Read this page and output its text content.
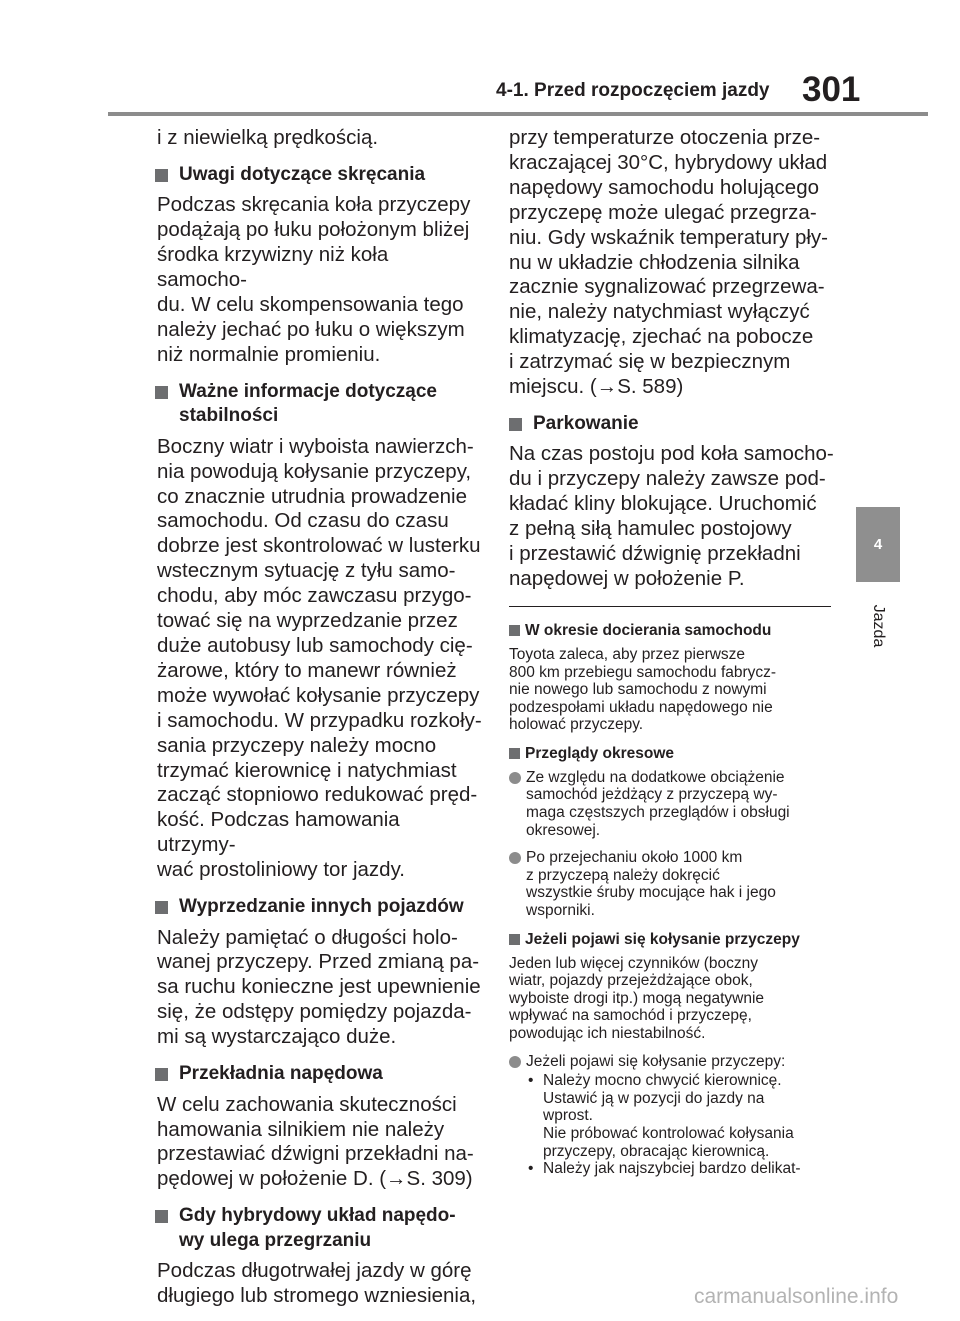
4-1. Przed rozpoczęciem jazdy 301
4
Jazda

i z niewielką prędkością.

Uwagi dotyczące skręcania

Podczas skręcania koła przyczepy
podążają po łuku położonym bliżej
środka krzywizny niż koła samocho-
du. W celu skompensowania tego
należy jechać po łuku o większym
niż normalnie promieniu.

Ważne informacje dotyczące
stabilności

Boczny wiatr i wyboista nawierzch-
nia powodują kołysanie przyczepy,
co znacznie utrudnia prowadzenie
samochodu. Od czasu do czasu
dobrze jest skontrolować w lusterku
wstecznym sytuację z tyłu samo-
chodu, aby móc zawczasu przygo-
tować się na wyprzedzanie przez
duże autobusy lub samochody cię-
żarowe, który to manewr również
może wywołać kołysanie przyczepy
i samochodu. W przypadku rozkoły-
sania przyczepy należy mocno
trzymać kierownicę i natychmiast
zacząć stopniowo redukować pręd-
kość. Podczas hamowania utrzymy-
wać prostoliniowy tor jazdy.

Wyprzedzanie innych pojazdów

Należy pamiętać o długości holo-
wanej przyczepy. Przed zmianą pa-
sa ruchu konieczne jest upewnienie
się, że odstępy pomiędzy pojazda-
mi są wystarczająco duże.

Przekładnia napędowa

W celu zachowania skuteczności
hamowania silnikiem nie należy
przestawiać dźwigni przekładni na-
pędowej w położenie D. (→S. 309)

Gdy hybrydowy układ napędo-
wy ulega przegrzaniu

Podczas długotrwałej jazdy w górę
długiego lub stromego wzniesienia,

przy temperaturze otoczenia prze-
kraczającej 30°C, hybrydowy układ
napędowy samochodu holującego
przyczepę może ulegać przegrza-
niu. Gdy wskaźnik temperatury pły-
nu w układzie chłodzenia silnika
zacznie sygnalizować przegrzewa-
nie, należy natychmiast wyłączyć
klimatyzację, zjechać na pobocze
i zatrzymać się w bezpiecznym
miejscu. (→S. 589)

Parkowanie

Na czas postoju pod koła samocho-
du i przyczepy należy zawsze pod-
kładać kliny blokujące. Uruchomić
z pełną siłą hamulec postojowy
i przestawić dźwignię przekładni
napędowej w położenie P.

W okresie docierania samochodu

Toyota zaleca, aby przez pierwsze
800 km przebiegu samochodu fabrycz-
nie nowego lub samochodu z nowymi
podzespołami układu napędowego nie
holować przyczepy.

Przeglądy okresowe
Ze względu na dodatkowe obciążenie
samochód jeżdżący z przyczepą wy-
maga częstszych przeglądów i obsługi
okresowej.
Po przejechaniu około 1000 km
z przyczepą należy dokręcić
wszystkie śruby mocujące hak i jego
wsporniki.
Jeżeli pojawi się kołysanie przyczepy

Jeden lub więcej czynników (boczny
wiatr, pojazdy przejeżdżające obok,
wyboiste drogi itp.) mogą negatywnie
wpływać na samochód i przyczepę,
powodując ich niestabilność.

Jeżeli pojawi się kołysanie przyczepy:
• Należy mocno chwycić kierownicę.
Ustawić ją w pozycji do jazdy na
wprost.
Nie próbować kontrolować kołysania
przyczepy, obracając kierownicą.
• Należy jak najszybciej bardzo delikat-
carmanualsonline.info
